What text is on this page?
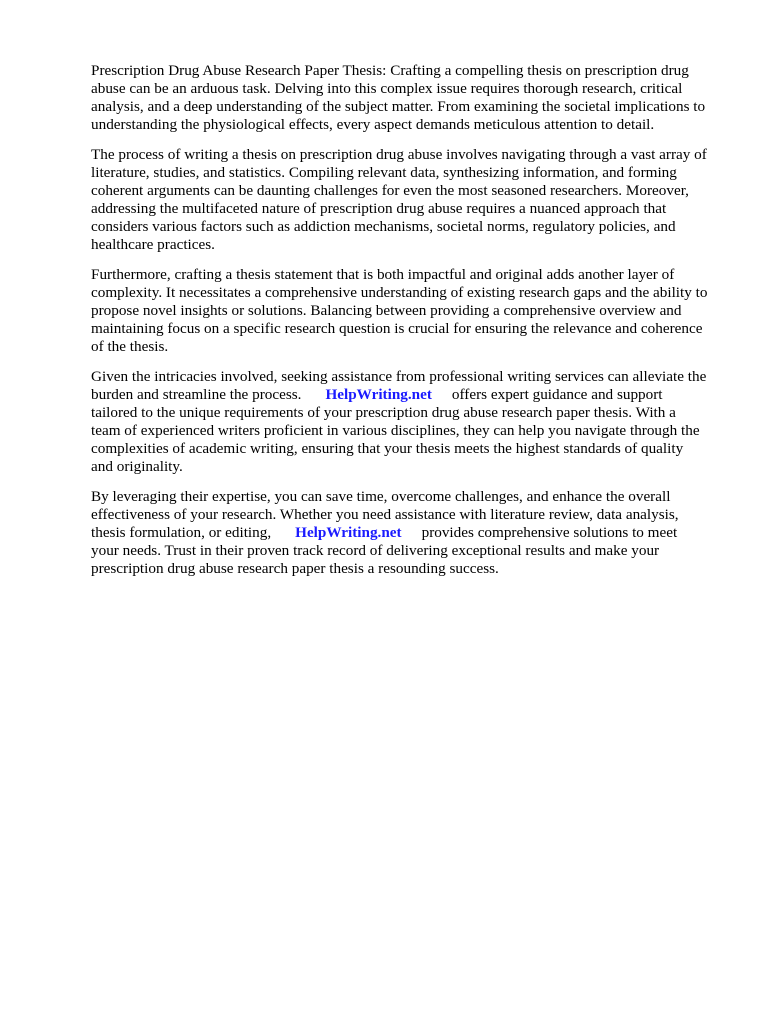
Prescription Drug Abuse Research Paper Thesis: Crafting a compelling thesis on prescription drug
abuse can be an arduous task. Delving into this complex issue requires thorough research, critical
analysis, and a deep understanding of the subject matter. From examining the societal implications to
understanding the physiological effects, every aspect demands meticulous attention to detail.

The process of writing a thesis on prescription drug abuse involves navigating through a vast array of
literature, studies, and statistics. Compiling relevant data, synthesizing information, and forming
coherent arguments can be daunting challenges for even the most seasoned researchers. Moreover,
addressing the multifaceted nature of prescription drug abuse requires a nuanced approach that
considers various factors such as addiction mechanisms, societal norms, regulatory policies, and
healthcare practices.

Furthermore, crafting a thesis statement that is both impactful and original adds another layer of
complexity. It necessitates a comprehensive understanding of existing research gaps and the ability to
propose novel insights or solutions. Balancing between providing a comprehensive overview and
maintaining focus on a specific research question is crucial for ensuring the relevance and coherence
of the thesis.

Given the intricacies involved, seeking assistance from professional writing services can alleviate the
burden and streamline the process. HelpWriting.net offers expert guidance and support
tailored to the unique requirements of your prescription drug abuse research paper thesis. With a
team of experienced writers proficient in various disciplines, they can help you navigate through the
complexities of academic writing, ensuring that your thesis meets the highest standards of quality
and originality.

By leveraging their expertise, you can save time, overcome challenges, and enhance the overall
effectiveness of your research. Whether you need assistance with literature review, data analysis,
thesis formulation, or editing, HelpWriting.net provides comprehensive solutions to meet
your needs. Trust in their proven track record of delivering exceptional results and make your
prescription drug abuse research paper thesis a resounding success.
